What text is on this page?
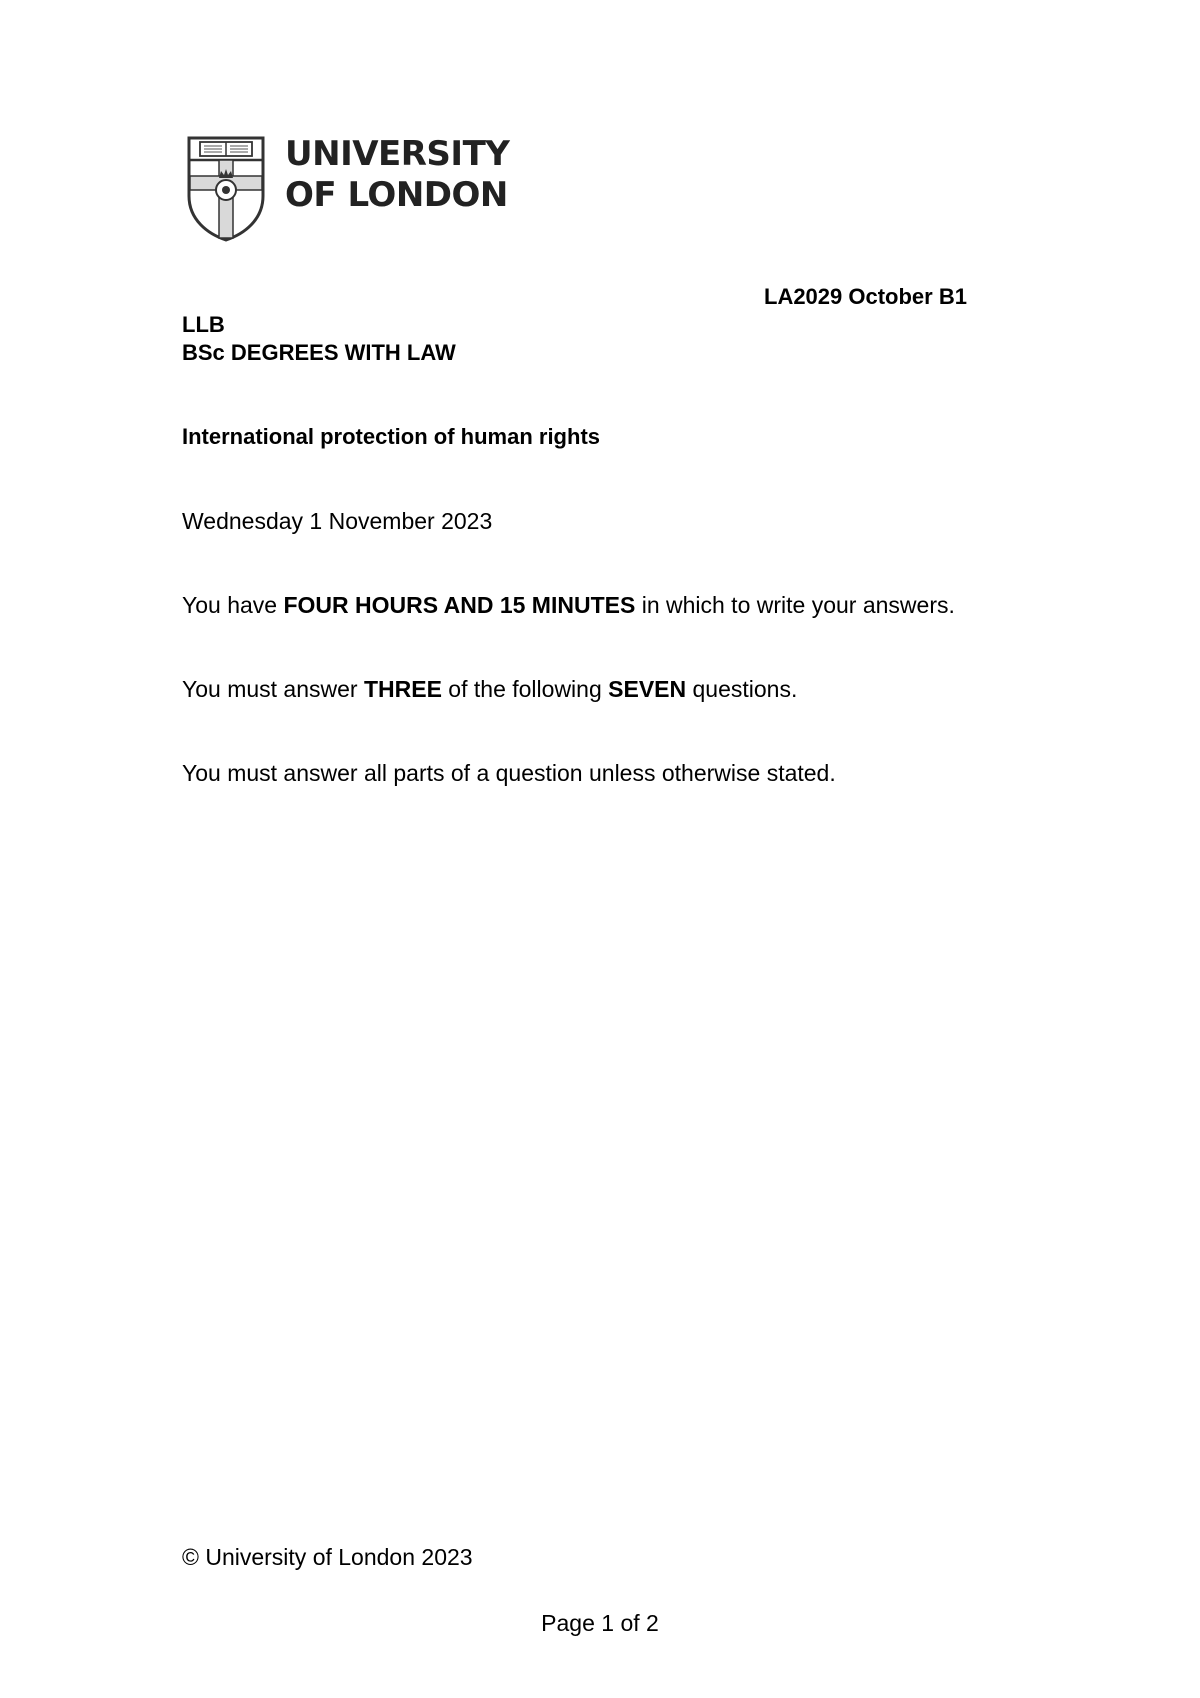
UNIVERSITY
OF LONDON
LA2029 October B1
LLB
BSc DEGREES WITH LAW
International protection of human rights
Wednesday 1 November 2023
You have FOUR HOURS AND 15 MINUTES in which to write your answers.
You must answer THREE of the following SEVEN questions.
You must answer all parts of a question unless otherwise stated.
© University of London 2023
Page 1 of 2
